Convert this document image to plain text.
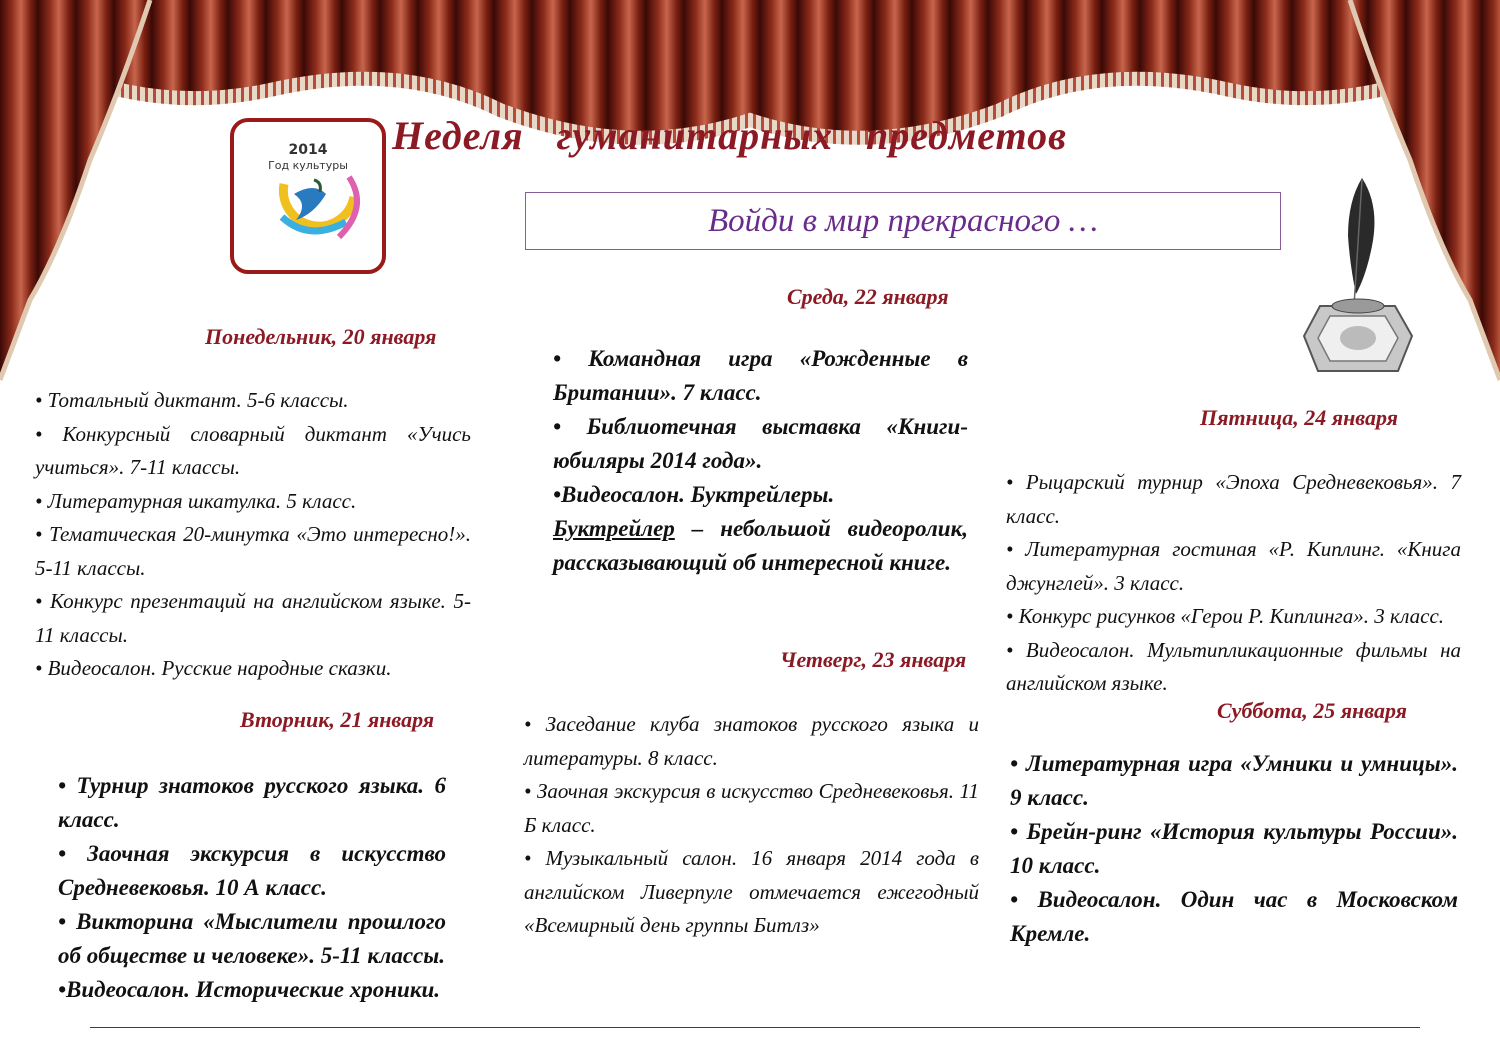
2014
Год культуры
Неделя   гуманитарных   предметов
Войди в мир прекрасного …
Понедельник, 20 января

• Тотальный диктант. 5-6 классы.

• Конкурсный словарный диктант «Учись учиться». 7-11 классы.

• Литературная шкатулка. 5 класс.

• Тематическая 20-минутка «Это интересно!». 5-11 классы.

• Конкурс презентаций на английском языке. 5-11 классы.

• Видеосалон. Русские народные сказки.

Вторник, 21 января

• Турнир знатоков русского языка. 6 класс.

• Заочная экскурсия в искусство Средневековья. 10 А класс.

• Викторина «Мыслители прошлого об обществе и человеке». 5-11 классы.

•Видеосалон. Исторические хроники.

Среда, 22 января

• Командная игра «Рожденные в Британии». 7 класс.

• Библиотечная выставка «Книги-юбиляры 2014 года».

•Видеосалон. Буктрейлеры.

Буктрейлер – небольшой видеоролик, рассказывающий об интересной книге.

Четверг, 23 января

• Заседание клуба знатоков русского языка и литературы. 8 класс.

• Заочная экскурсия в искусство Средневековья. 11 Б класс.

• Музыкальный салон. 16 января 2014 года в английском Ливерпуле отмечается ежегодный «Всемирный день группы Битлз»

Пятница, 24 января

• Рыцарский турнир «Эпоха Средневековья». 7 класс.

• Литературная гостиная «Р. Киплинг. «Книга джунглей». 3 класс.

• Конкурс рисунков «Герои Р. Киплинга». 3 класс.

• Видеосалон. Мультипликационные фильмы на английском языке.

Суббота, 25 января

• Литературная игра «Умники и умницы». 9 класс.

• Брейн-ринг «История культуры России». 10 класс.

• Видеосалон. Один час в Московском Кремле.
